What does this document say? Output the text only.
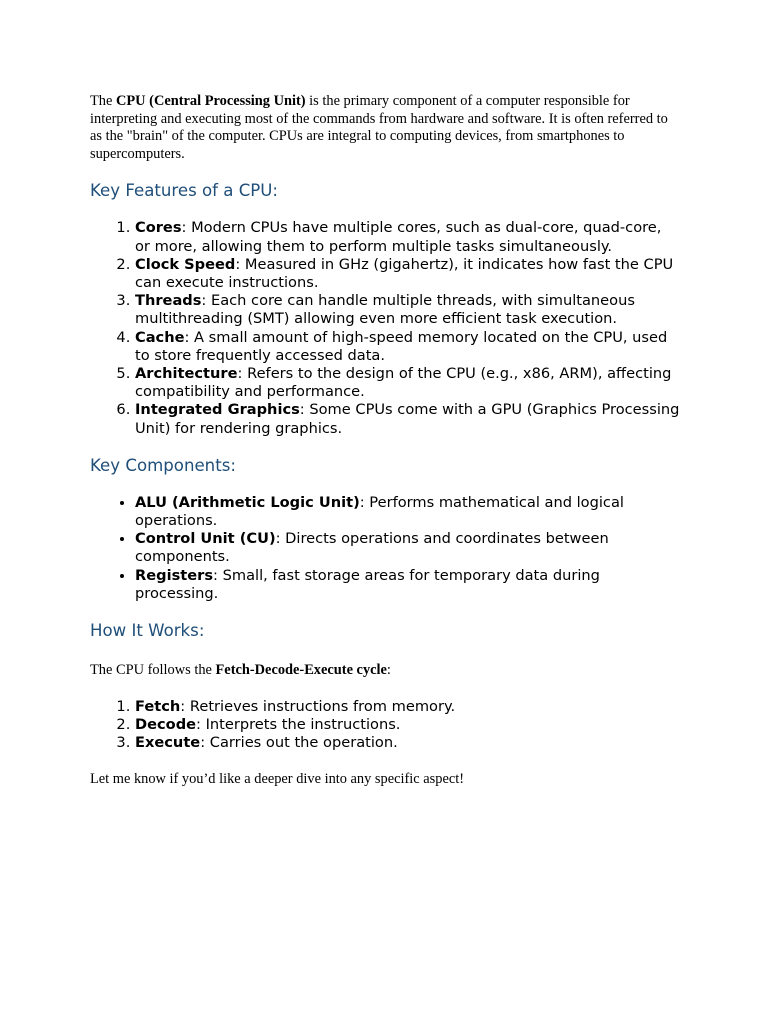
The CPU (Central Processing Unit) is the primary component of a computer responsible for interpreting and executing most of the commands from hardware and software. It is often referred to as the "brain" of the computer. CPUs are integral to computing devices, from smartphones to supercomputers.

Key Features of a CPU:
1. Cores: Modern CPUs have multiple cores, such as dual-core, quad-core, or more, allowing them to perform multiple tasks simultaneously.
2. Clock Speed: Measured in GHz (gigahertz), it indicates how fast the CPU can execute instructions.
3. Threads: Each core can handle multiple threads, with simultaneous multithreading (SMT) allowing even more efficient task execution.
4. Cache: A small amount of high-speed memory located on the CPU, used to store frequently accessed data.
5. Architecture: Refers to the design of the CPU (e.g., x86, ARM), affecting compatibility and performance.
6. Integrated Graphics: Some CPUs come with a GPU (Graphics Processing Unit) for rendering graphics.
Key Components:
• ALU (Arithmetic Logic Unit): Performs mathematical and logical operations.
• Control Unit (CU): Directs operations and coordinates between components.
• Registers: Small, fast storage areas for temporary data during processing.
How It Works:

The CPU follows the Fetch-Decode-Execute cycle:

1. Fetch: Retrieves instructions from memory.
2. Decode: Interprets the instructions.
3. Execute: Carries out the operation.

Let me know if you’d like a deeper dive into any specific aspect!
